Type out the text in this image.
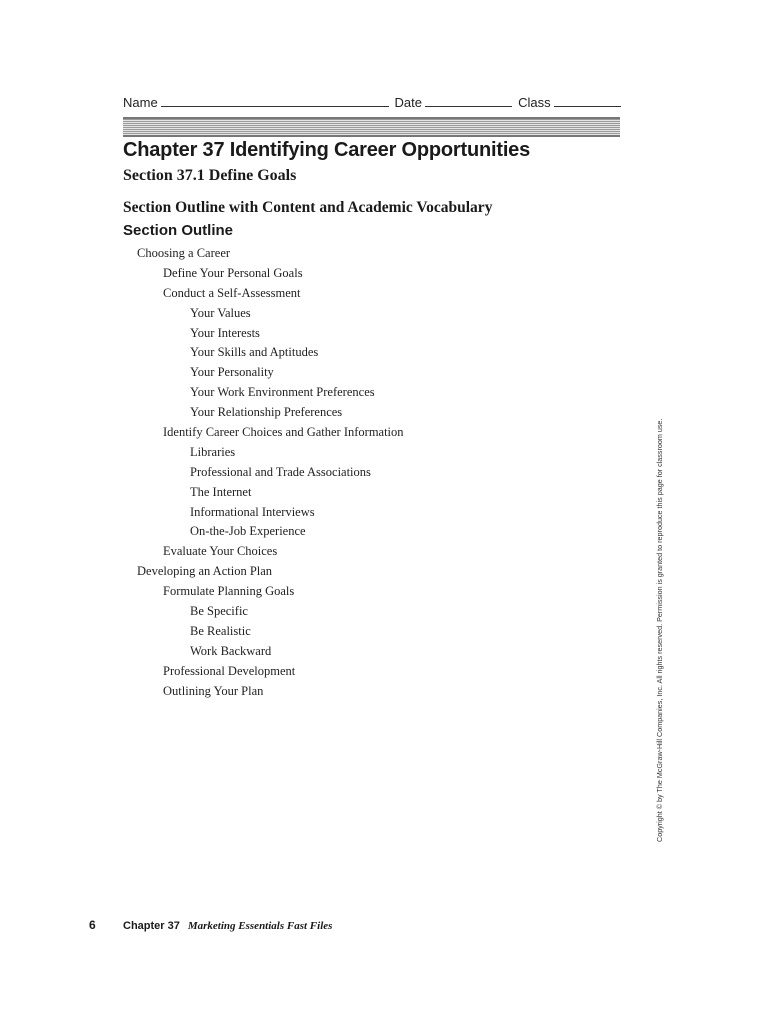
Name	Date	Class
Chapter 37 Identifying Career Opportunities
Section 37.1 Define Goals
Section Outline with Content and Academic Vocabulary
Section Outline
Choosing a Career
Define Your Personal Goals
Conduct a Self-Assessment
Your Values
Your Interests
Your Skills and Aptitudes
Your Personality
Your Work Environment Preferences
Your Relationship Preferences
Identify Career Choices and Gather Information
Libraries
Professional and Trade Associations
The Internet
Informational Interviews
On-the-Job Experience
Evaluate Your Choices
Developing an Action Plan
Formulate Planning Goals
Be Specific
Be Realistic
Work Backward
Professional Development
Outlining Your Plan	Copyright © by The McGraw-Hill Companies, Inc. All rights reserved. Permission is granted to reproduce this page for classroom use.
6	Chapter 37 Marketing Essentials Fast Files
